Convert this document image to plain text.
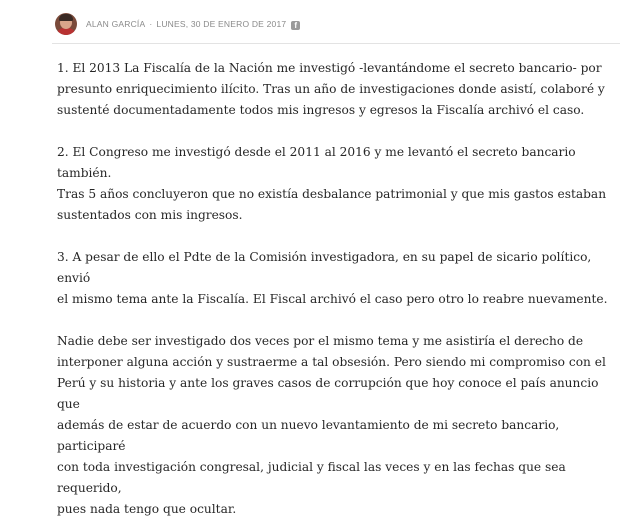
ALAN GARCÍA · LUNES, 30 DE ENERO DE 2017 f

1. El 2013 La Fiscalía de la Nación me investigó -levantándome el secreto bancario- por
presunto enriquecimiento ilícito. Tras un año de investigaciones donde asistí, colaboré y
sustenté documentadamente todos mis ingresos y egresos la Fiscalía archivó el caso.

2. El Congreso me investigó desde el 2011 al 2016 y me levantó el secreto bancario también.
Tras 5 años concluyeron que no existía desbalance patrimonial y que mis gastos estaban
sustentados con mis ingresos.

3. A pesar de ello el Pdte de la Comisión investigadora, en su papel de sicario político, envió
el mismo tema ante la Fiscalía. El Fiscal archivó el caso pero otro lo reabre nuevamente.

Nadie debe ser investigado dos veces por el mismo tema y me asistiría el derecho de
interponer alguna acción y sustraerme a tal obsesión. Pero siendo mi compromiso con el
Perú y su historia y ante los graves casos de corrupción que hoy conoce el país anuncio que
además de estar de acuerdo con un nuevo levantamiento de mi secreto bancario, participaré
con toda investigación congresal, judicial y fiscal las veces y en las fechas que sea requerido,
pues nada tengo que ocultar.
